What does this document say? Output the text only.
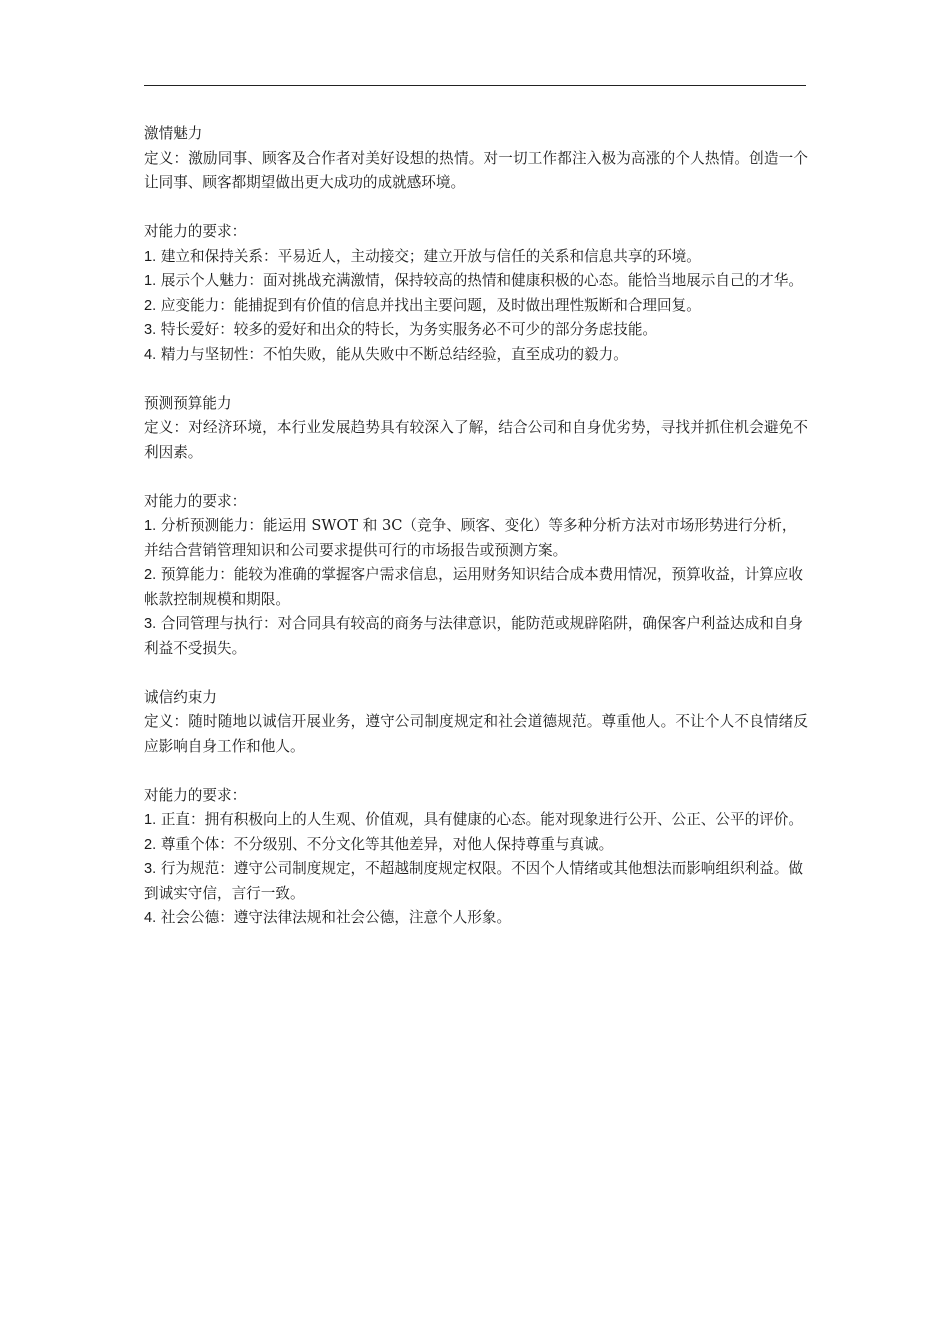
激情魅力

定义：激励同事、顾客及合作者对美好设想的热情。对一切工作都注入极为高涨的个人热情。创造一个让同事、顾客都期望做出更大成功的成就感环境。

对能力的要求：

1. 建立和保持关系：平易近人，主动接交；建立开放与信任的关系和信息共享的环境。

1. 展示个人魅力：面对挑战充满激情，保持较高的热情和健康积极的心态。能恰当地展示自己的才华。

2. 应变能力：能捕捉到有价值的信息并找出主要问题，及时做出理性叛断和合理回复。

3. 特长爱好：较多的爱好和出众的特长，为务实服务必不可少的部分务虑技能。

4. 精力与坚韧性：不怕失败，能从失败中不断总结经验，直至成功的毅力。

预测预算能力

定义：对经济环境，本行业发展趋势具有较深入了解，结合公司和自身优劣势，寻找并抓住机会避免不利因素。

对能力的要求：

1. 分析预测能力：能运用 SWOT 和 3C（竞争、顾客、变化）等多种分析方法对市场形势进行分析，并结合营销管理知识和公司要求提供可行的市场报告或预测方案。

2. 预算能力：能较为准确的掌握客户需求信息，运用财务知识结合成本费用情况，预算收益，计算应收帐款控制规模和期限。

3. 合同管理与执行：对合同具有较高的商务与法律意识，能防范或规辟陷阱，确保客户利益达成和自身利益不受损失。

诚信约束力

定义：随时随地以诚信开展业务，遵守公司制度规定和社会道德规范。尊重他人。不让个人不良情绪反应影响自身工作和他人。

对能力的要求：

1. 正直：拥有积极向上的人生观、价值观，具有健康的心态。能对现象进行公开、公正、公平的评价。

2. 尊重个体：不分级别、不分文化等其他差异，对他人保持尊重与真诚。

3. 行为规范：遵守公司制度规定，不超越制度规定权限。不因个人情绪或其他想法而影响组织利益。做到诚实守信，言行一致。

4. 社会公德：遵守法律法规和社会公德，注意个人形象。
